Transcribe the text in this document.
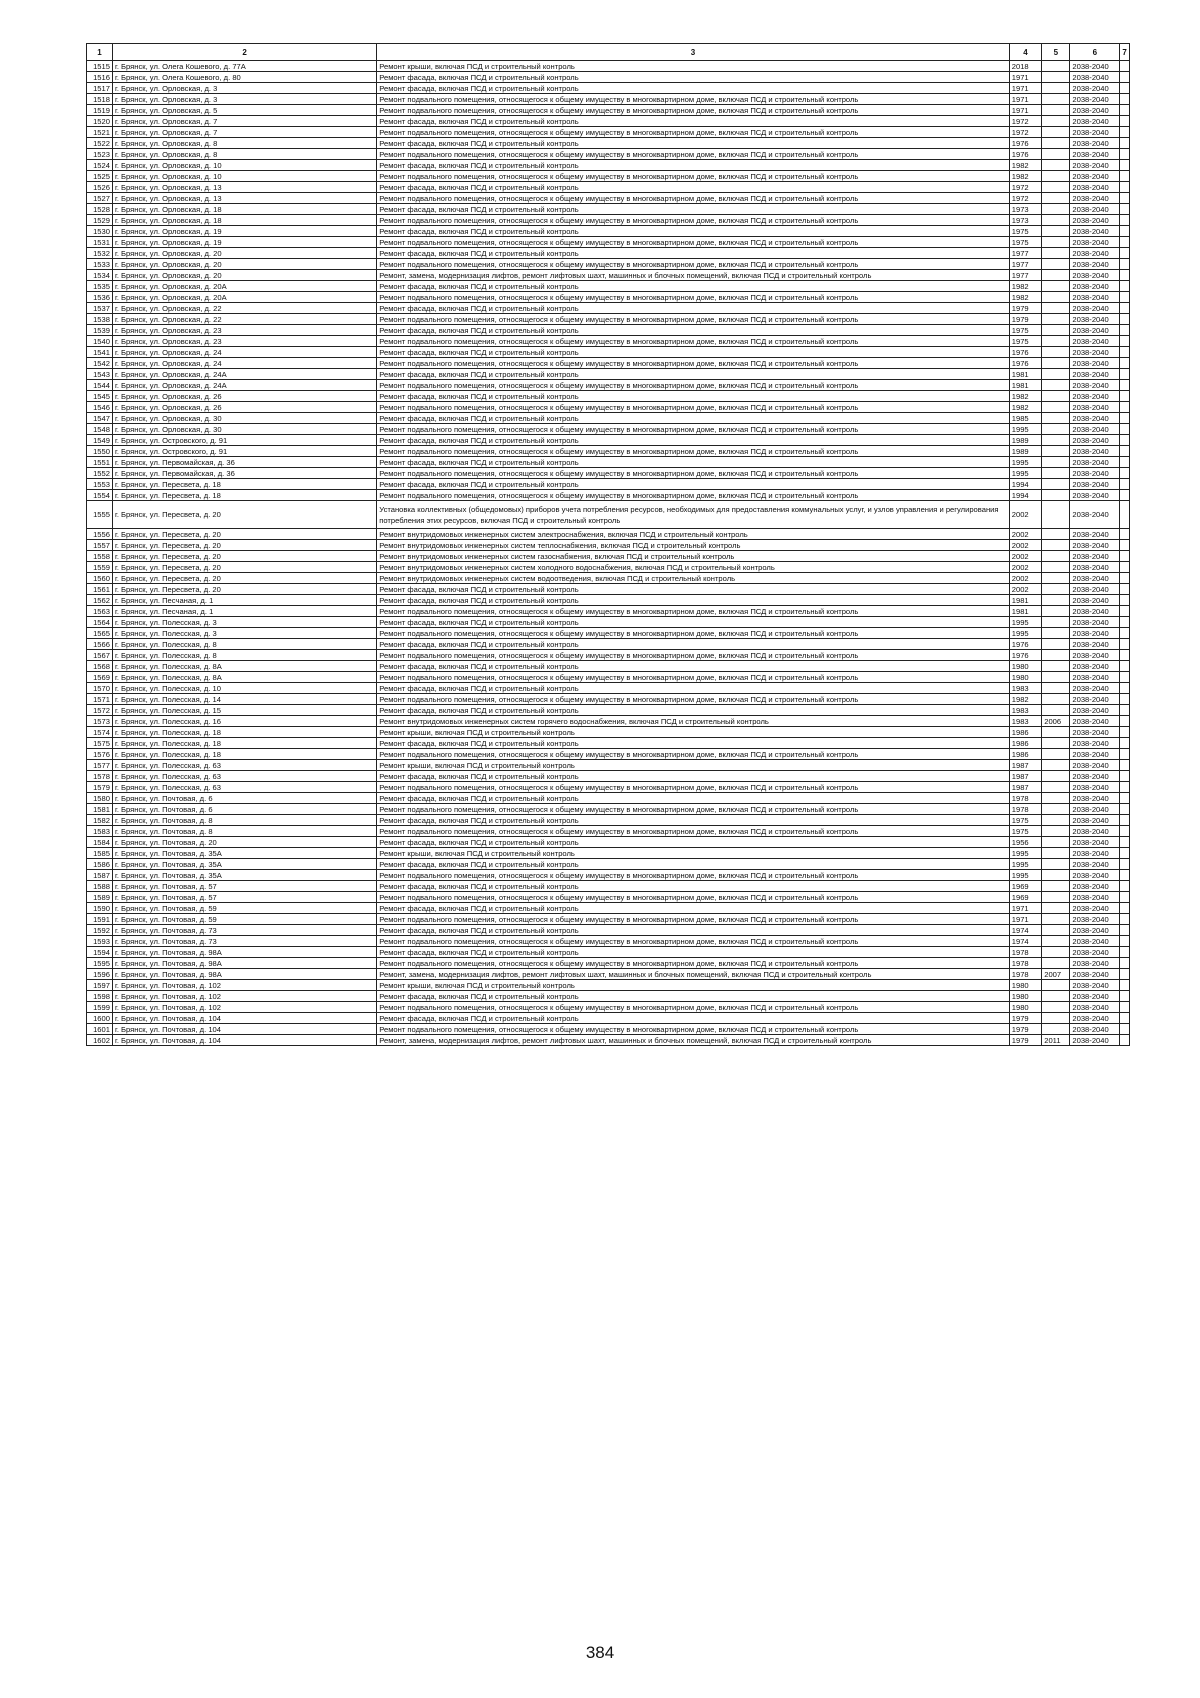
1	2	3	4	5	6	7
1515	г. Брянск, ул. Олега Кошевого, д. 77А	Ремонт крыши, включая ПСД и строительный контроль	2018		2038-2040	
1516	г. Брянск, ул. Олега Кошевого, д. 80	Ремонт фасада, включая ПСД и строительный контроль	1971		2038-2040	
1517	г. Брянск, ул. Орловская, д. 3	Ремонт фасада, включая ПСД и строительный контроль	1971		2038-2040	
1518	г. Брянск, ул. Орловская, д. 3	Ремонт подвального помещения, относящегося к общему имуществу в многоквартирном доме, включая ПСД и строительный контроль	1971		2038-2040	
1519	г. Брянск, ул. Орловская, д. 5	Ремонт подвального помещения, относящегося к общему имуществу в многоквартирном доме, включая ПСД и строительный контроль	1971		2038-2040	
1520	г. Брянск, ул. Орловская, д. 7	Ремонт фасада, включая ПСД и строительный контроль	1972		2038-2040	
1521	г. Брянск, ул. Орловская, д. 7	Ремонт подвального помещения, относящегося к общему имуществу в многоквартирном доме, включая ПСД и строительный контроль	1972		2038-2040	
1522	г. Брянск, ул. Орловская, д. 8	Ремонт фасада, включая ПСД и строительный контроль	1976		2038-2040	
1523	г. Брянск, ул. Орловская, д. 8	Ремонт подвального помещения, относящегося к общему имуществу в многоквартирном доме, включая ПСД и строительный контроль	1976		2038-2040	
1524	г. Брянск, ул. Орловская, д. 10	Ремонт фасада, включая ПСД и строительный контроль	1982		2038-2040	
1525	г. Брянск, ул. Орловская, д. 10	Ремонт подвального помещения, относящегося к общему имуществу в многоквартирном доме, включая ПСД и строительный контроль	1982		2038-2040	
1526	г. Брянск, ул. Орловская, д. 13	Ремонт фасада, включая ПСД и строительный контроль	1972		2038-2040	
1527	г. Брянск, ул. Орловская, д. 13	Ремонт подвального помещения, относящегося к общему имуществу в многоквартирном доме, включая ПСД и строительный контроль	1972		2038-2040	
1528	г. Брянск, ул. Орловская, д. 18	Ремонт фасада, включая ПСД и строительный контроль	1973		2038-2040	
1529	г. Брянск, ул. Орловская, д. 18	Ремонт подвального помещения, относящегося к общему имуществу в многоквартирном доме, включая ПСД и строительный контроль	1973		2038-2040	
1530	г. Брянск, ул. Орловская, д. 19	Ремонт фасада, включая ПСД и строительный контроль	1975		2038-2040	
1531	г. Брянск, ул. Орловская, д. 19	Ремонт подвального помещения, относящегося к общему имуществу в многоквартирном доме, включая ПСД и строительный контроль	1975		2038-2040	
1532	г. Брянск, ул. Орловская, д. 20	Ремонт фасада, включая ПСД и строительный контроль	1977		2038-2040	
1533	г. Брянск, ул. Орловская, д. 20	Ремонт подвального помещения, относящегося к общему имуществу в многоквартирном доме, включая ПСД и строительный контроль	1977		2038-2040	
1534	г. Брянск, ул. Орловская, д. 20	Ремонт, замена, модернизация лифтов, ремонт лифтовых шахт, машинных и блочных помещений, включая ПСД и строительный контроль	1977		2038-2040	
1535	г. Брянск, ул. Орловская, д. 20А	Ремонт фасада, включая ПСД и строительный контроль	1982		2038-2040	
1536	г. Брянск, ул. Орловская, д. 20А	Ремонт подвального помещения, относящегося к общему имуществу в многоквартирном доме, включая ПСД и строительный контроль	1982		2038-2040	
1537	г. Брянск, ул. Орловская, д. 22	Ремонт фасада, включая ПСД и строительный контроль	1979		2038-2040	
1538	г. Брянск, ул. Орловская, д. 22	Ремонт подвального помещения, относящегося к общему имуществу в многоквартирном доме, включая ПСД и строительный контроль	1979		2038-2040	
1539	г. Брянск, ул. Орловская, д. 23	Ремонт фасада, включая ПСД и строительный контроль	1975		2038-2040	
1540	г. Брянск, ул. Орловская, д. 23	Ремонт подвального помещения, относящегося к общему имуществу в многоквартирном доме, включая ПСД и строительный контроль	1975		2038-2040	
1541	г. Брянск, ул. Орловская, д. 24	Ремонт фасада, включая ПСД и строительный контроль	1976		2038-2040	
1542	г. Брянск, ул. Орловская, д. 24	Ремонт подвального помещения, относящегося к общему имуществу в многоквартирном доме, включая ПСД и строительный контроль	1976		2038-2040	
1543	г. Брянск, ул. Орловская, д. 24А	Ремонт фасада, включая ПСД и строительный контроль	1981		2038-2040	
1544	г. Брянск, ул. Орловская, д. 24А	Ремонт подвального помещения, относящегося к общему имуществу в многоквартирном доме, включая ПСД и строительный контроль	1981		2038-2040	
1545	г. Брянск, ул. Орловская, д. 26	Ремонт фасада, включая ПСД и строительный контроль	1982		2038-2040	
1546	г. Брянск, ул. Орловская, д. 26	Ремонт подвального помещения, относящегося к общему имуществу в многоквартирном доме, включая ПСД и строительный контроль	1982		2038-2040	
1547	г. Брянск, ул. Орловская, д. 30	Ремонт фасада, включая ПСД и строительный контроль	1985		2038-2040	
1548	г. Брянск, ул. Орловская, д. 30	Ремонт подвального помещения, относящегося к общему имуществу в многоквартирном доме, включая ПСД и строительный контроль	1995		2038-2040	
1549	г. Брянск, ул. Островского, д. 91	Ремонт фасада, включая ПСД и строительный контроль	1989		2038-2040	
1550	г. Брянск, ул. Островского, д. 91	Ремонт подвального помещения, относящегося к общему имуществу в многоквартирном доме, включая ПСД и строительный контроль	1989		2038-2040	
1551	г. Брянск, ул. Первомайская, д. 36	Ремонт фасада, включая ПСД и строительный контроль	1995		2038-2040	
1552	г. Брянск, ул. Первомайская, д. 36	Ремонт подвального помещения, относящегося к общему имуществу в многоквартирном доме, включая ПСД и строительный контроль	1995		2038-2040	
1553	г. Брянск, ул. Пересвета, д. 18	Ремонт фасада, включая ПСД и строительный контроль	1994		2038-2040	
1554	г. Брянск, ул. Пересвета, д. 18	Ремонт подвального помещения, относящегося к общему имуществу в многоквартирном доме, включая ПСД и строительный контроль	1994		2038-2040	
1555	г. Брянск, ул. Пересвета, д. 20	Установка коллективных (общедомовых) приборов учета потребления ресурсов, необходимых для предоставления коммунальных услуг, и узлов управления и регулирования потребления этих ресурсов, включая ПСД и строительный контроль	2002		2038-2040	
1556	г. Брянск, ул. Пересвета, д. 20	Ремонт внутридомовых инженерных систем электроснабжения, включая ПСД и строительный контроль	2002		2038-2040	
1557	г. Брянск, ул. Пересвета, д. 20	Ремонт внутридомовых инженерных систем теплоснабжения, включая ПСД и строительный контроль	2002		2038-2040	
1558	г. Брянск, ул. Пересвета, д. 20	Ремонт внутридомовых инженерных систем газоснабжения, включая ПСД и строительный контроль	2002		2038-2040	
1559	г. Брянск, ул. Пересвета, д. 20	Ремонт внутридомовых инженерных систем холодного водоснабжения, включая ПСД и строительный контроль	2002		2038-2040	
1560	г. Брянск, ул. Пересвета, д. 20	Ремонт внутридомовых инженерных систем водоотведения, включая ПСД и строительный контроль	2002		2038-2040	
1561	г. Брянск, ул. Пересвета, д. 20	Ремонт фасада, включая ПСД и строительный контроль	2002		2038-2040	
1562	г. Брянск, ул. Песчаная, д. 1	Ремонт фасада, включая ПСД и строительный контроль	1981		2038-2040	
1563	г. Брянск, ул. Песчаная, д. 1	Ремонт подвального помещения, относящегося к общему имуществу в многоквартирном доме, включая ПСД и строительный контроль	1981		2038-2040	
1564	г. Брянск, ул. Полесская, д. 3	Ремонт фасада, включая ПСД и строительный контроль	1995		2038-2040	
1565	г. Брянск, ул. Полесская, д. 3	Ремонт подвального помещения, относящегося к общему имуществу в многоквартирном доме, включая ПСД и строительный контроль	1995		2038-2040	
1566	г. Брянск, ул. Полесская, д. 8	Ремонт фасада, включая ПСД и строительный контроль	1976		2038-2040	
1567	г. Брянск, ул. Полесская, д. 8	Ремонт подвального помещения, относящегося к общему имуществу в многоквартирном доме, включая ПСД и строительный контроль	1976		2038-2040	
1568	г. Брянск, ул. Полесская, д. 8А	Ремонт фасада, включая ПСД и строительный контроль	1980		2038-2040	
1569	г. Брянск, ул. Полесская, д. 8А	Ремонт подвального помещения, относящегося к общему имуществу в многоквартирном доме, включая ПСД и строительный контроль	1980		2038-2040	
1570	г. Брянск, ул. Полесская, д. 10	Ремонт фасада, включая ПСД и строительный контроль	1983		2038-2040	
1571	г. Брянск, ул. Полесская, д. 14	Ремонт подвального помещения, относящегося к общему имуществу в многоквартирном доме, включая ПСД и строительный контроль	1982		2038-2040	
1572	г. Брянск, ул. Полесская, д. 15	Ремонт фасада, включая ПСД и строительный контроль	1983		2038-2040	
1573	г. Брянск, ул. Полесская, д. 16	Ремонт внутридомовых инженерных систем горячего водоснабжения, включая ПСД и строительный контроль	1983	2006	2038-2040	
1574	г. Брянск, ул. Полесская, д. 18	Ремонт крыши, включая ПСД и строительный контроль	1986		2038-2040	
1575	г. Брянск, ул. Полесская, д. 18	Ремонт фасада, включая ПСД и строительный контроль	1986		2038-2040	
1576	г. Брянск, ул. Полесская, д. 18	Ремонт подвального помещения, относящегося к общему имуществу в многоквартирном доме, включая ПСД и строительный контроль	1986		2038-2040	
1577	г. Брянск, ул. Полесская, д. 63	Ремонт крыши, включая ПСД и строительный контроль	1987		2038-2040	
1578	г. Брянск, ул. Полесская, д. 63	Ремонт фасада, включая ПСД и строительный контроль	1987		2038-2040	
1579	г. Брянск, ул. Полесская, д. 63	Ремонт подвального помещения, относящегося к общему имуществу в многоквартирном доме, включая ПСД и строительный контроль	1987		2038-2040	
1580	г. Брянск, ул. Почтовая, д. 6	Ремонт фасада, включая ПСД и строительный контроль	1978		2038-2040	
1581	г. Брянск, ул. Почтовая, д. 6	Ремонт подвального помещения, относящегося к общему имуществу в многоквартирном доме, включая ПСД и строительный контроль	1978		2038-2040	
1582	г. Брянск, ул. Почтовая, д. 8	Ремонт фасада, включая ПСД и строительный контроль	1975		2038-2040	
1583	г. Брянск, ул. Почтовая, д. 8	Ремонт подвального помещения, относящегося к общему имуществу в многоквартирном доме, включая ПСД и строительный контроль	1975		2038-2040	
1584	г. Брянск, ул. Почтовая, д. 20	Ремонт фасада, включая ПСД и строительный контроль	1956		2038-2040	
1585	г. Брянск, ул. Почтовая, д. 35А	Ремонт крыши, включая ПСД и строительный контроль	1995		2038-2040	
1586	г. Брянск, ул. Почтовая, д. 35А	Ремонт фасада, включая ПСД и строительный контроль	1995		2038-2040	
1587	г. Брянск, ул. Почтовая, д. 35А	Ремонт подвального помещения, относящегося к общему имуществу в многоквартирном доме, включая ПСД и строительный контроль	1995		2038-2040	
1588	г. Брянск, ул. Почтовая, д. 57	Ремонт фасада, включая ПСД и строительный контроль	1969		2038-2040	
1589	г. Брянск, ул. Почтовая, д. 57	Ремонт подвального помещения, относящегося к общему имуществу в многоквартирном доме, включая ПСД и строительный контроль	1969		2038-2040	
1590	г. Брянск, ул. Почтовая, д. 59	Ремонт фасада, включая ПСД и строительный контроль	1971		2038-2040	
1591	г. Брянск, ул. Почтовая, д. 59	Ремонт подвального помещения, относящегося к общему имуществу в многоквартирном доме, включая ПСД и строительный контроль	1971		2038-2040	
1592	г. Брянск, ул. Почтовая, д. 73	Ремонт фасада, включая ПСД и строительный контроль	1974		2038-2040	
1593	г. Брянск, ул. Почтовая, д. 73	Ремонт подвального помещения, относящегося к общему имуществу в многоквартирном доме, включая ПСД и строительный контроль	1974		2038-2040	
1594	г. Брянск, ул. Почтовая, д. 98А	Ремонт фасада, включая ПСД и строительный контроль	1978		2038-2040	
1595	г. Брянск, ул. Почтовая, д. 98А	Ремонт подвального помещения, относящегося к общему имуществу в многоквартирном доме, включая ПСД и строительный контроль	1978		2038-2040	
1596	г. Брянск, ул. Почтовая, д. 98А	Ремонт, замена, модернизация лифтов, ремонт лифтовых шахт, машинных и блочных помещений, включая ПСД и строительный контроль	1978	2007	2038-2040	
1597	г. Брянск, ул. Почтовая, д. 102	Ремонт крыши, включая ПСД и строительный контроль	1980		2038-2040	
1598	г. Брянск, ул. Почтовая, д. 102	Ремонт фасада, включая ПСД и строительный контроль	1980		2038-2040	
1599	г. Брянск, ул. Почтовая, д. 102	Ремонт подвального помещения, относящегося к общему имуществу в многоквартирном доме, включая ПСД и строительный контроль	1980		2038-2040	
1600	г. Брянск, ул. Почтовая, д. 104	Ремонт фасада, включая ПСД и строительный контроль	1979		2038-2040	
1601	г. Брянск, ул. Почтовая, д. 104	Ремонт подвального помещения, относящегося к общему имуществу в многоквартирном доме, включая ПСД и строительный контроль	1979		2038-2040	
1602	г. Брянск, ул. Почтовая, д. 104	Ремонт, замена, модернизация лифтов, ремонт лифтовых шахт, машинных и блочных помещений, включая ПСД и строительный контроль	1979	2011	2038-2040	
384
